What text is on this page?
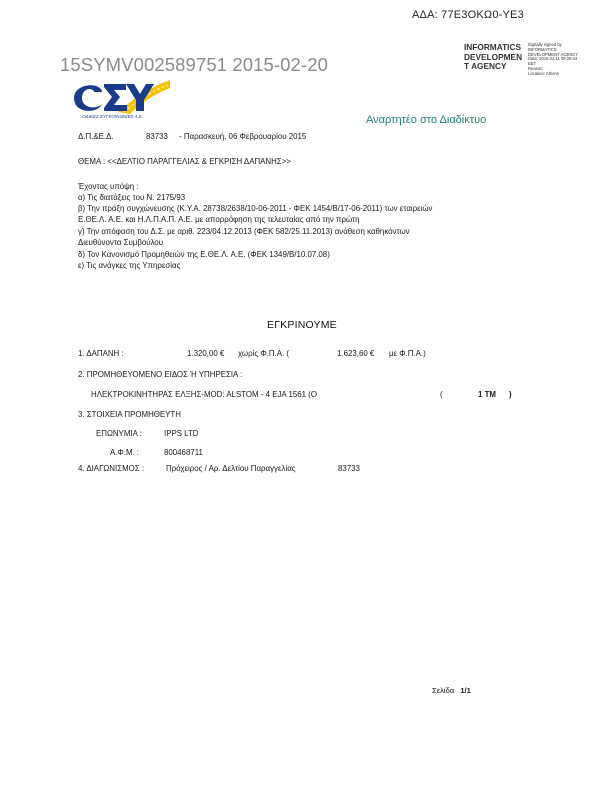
ΑΔΑ: 77Ε3ΟΚΩ0-ΥΕ3
INFORMATICS
DEVELOPMEN
T AGENCY
Digitally signed by
INFORMATICS
DEVELOPMENT AGENCY
Date: 2015.02.11 09:28:44
EET
Reason:
Location: Athens
15SYMV002589751 2015-02-20
ΟΔΙΚΕΣ ΣΥΓΚΟΙΝΩΝΙΕΣ Α.Ε.	Αναρτητέο στο Διαδίκτυο
Δ.Π.&Ε.Δ.	83733 - Παρασκευή, 06 Φεβρουαρίου 2015
ΘΕΜΑ : <<ΔΕΛΤΙΟ ΠΑΡΑΓΓΕΛΙΑΣ & ΕΓΚΡΙΣΗ ΔΑΠΑΝΗΣ>>
Έχοντας υπόψη :
α) Τις διατάξεις του Ν. 2175/93
β) Την πράξη συγχώνευσης (Κ.Υ.Α. 28738/2638/10-06-2011 - ΦΕΚ 1454/Β/17-06-2011) των εταιρειών
Ε.ΘΕ.Λ. Α.Ε. και Η.Λ.Π.Α.Π. Α.Ε. με απορρόφηση της τελευταίας από την πρώτη
γ) Την απόφαση του Δ.Σ. με αριθ. 223/04.12.2013 (ΦΕΚ 582/25.11.2013) ανάθεση καθηκόντων
Διευθύνοντα Συμβούλου
δ) Τον Κανονισμό Προμηθειών της Ε.ΘΕ.Λ. Α.Ε. (ΦΕΚ 1349/Β/10.07.08)
ε) Τις ανάγκες της Υπηρεσίας
ΕΓΚΡΙΝΟΥΜΕ
1. ΔΑΠΑΝΗ :	1.320,00 € χωρίς Φ.Π.Α. (	1.623,60 € με Φ.Π.Α.)
2. ΠΡΟΜΗΘΕΥΟΜΕΝΟ ΕΙΔΟΣ Ή ΥΠΗΡΕΣΙΑ :
ΗΛΕΚΤΡΟΚΙΝΗΤΗΡΑΣ ΕΛΞΗΣ-MOD: ALSTOM - 4 EJA 1561 (Ο	(	1 ΤΜ )
3. ΣΤΟΙΧΕΙΑ ΠΡΟΜΗΘΕΥΤΗ
ΕΠΩΝΥΜΙΑ :	IPPS LTD
Α.Φ.Μ. :	800468711
4. ΔΙΑΓΩΝΙΣΜΟΣ :	Πρόχειρος / Αρ. Δελτίου Παραγγελίας	83733
Σελίδα 1/1
